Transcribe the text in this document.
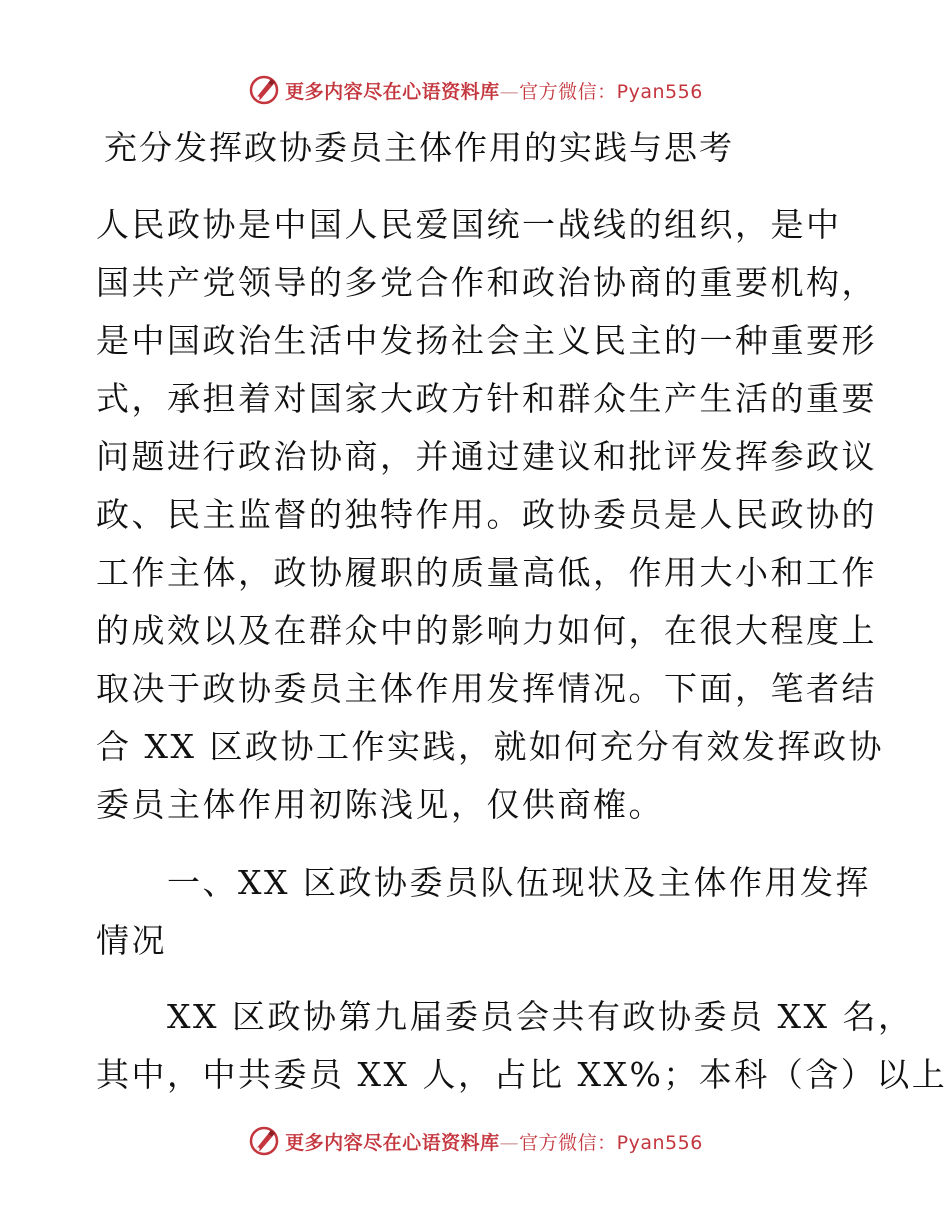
更多内容尽在心语资料库—官方微信：Pyan556
充分发挥政协委员主体作用的实践与思考
人民政协是中国人民爱国统一战线的组织，是中
国共产党领导的多党合作和政治协商的重要机构，
是中国政治生活中发扬社会主义民主的一种重要形
式，承担着对国家大政方针和群众生产生活的重要
问题进行政治协商，并通过建议和批评发挥参政议
政、民主监督的独特作用。政协委员是人民政协的
工作主体，政协履职的质量高低，作用大小和工作
的成效以及在群众中的影响力如何，在很大程度上
取决于政协委员主体作用发挥情况。下面，笔者结
合 XX 区政协工作实践，就如何充分有效发挥政协
委员主体作用初陈浅见，仅供商榷。
　　一、XX 区政协委员队伍现状及主体作用发挥
情况
　　XX 区政协第九届委员会共有政协委员 XX 名，
其中，中共委员 XX 人，占比 XX%；本科（含）以上
更多内容尽在心语资料库—官方微信：Pyan556
